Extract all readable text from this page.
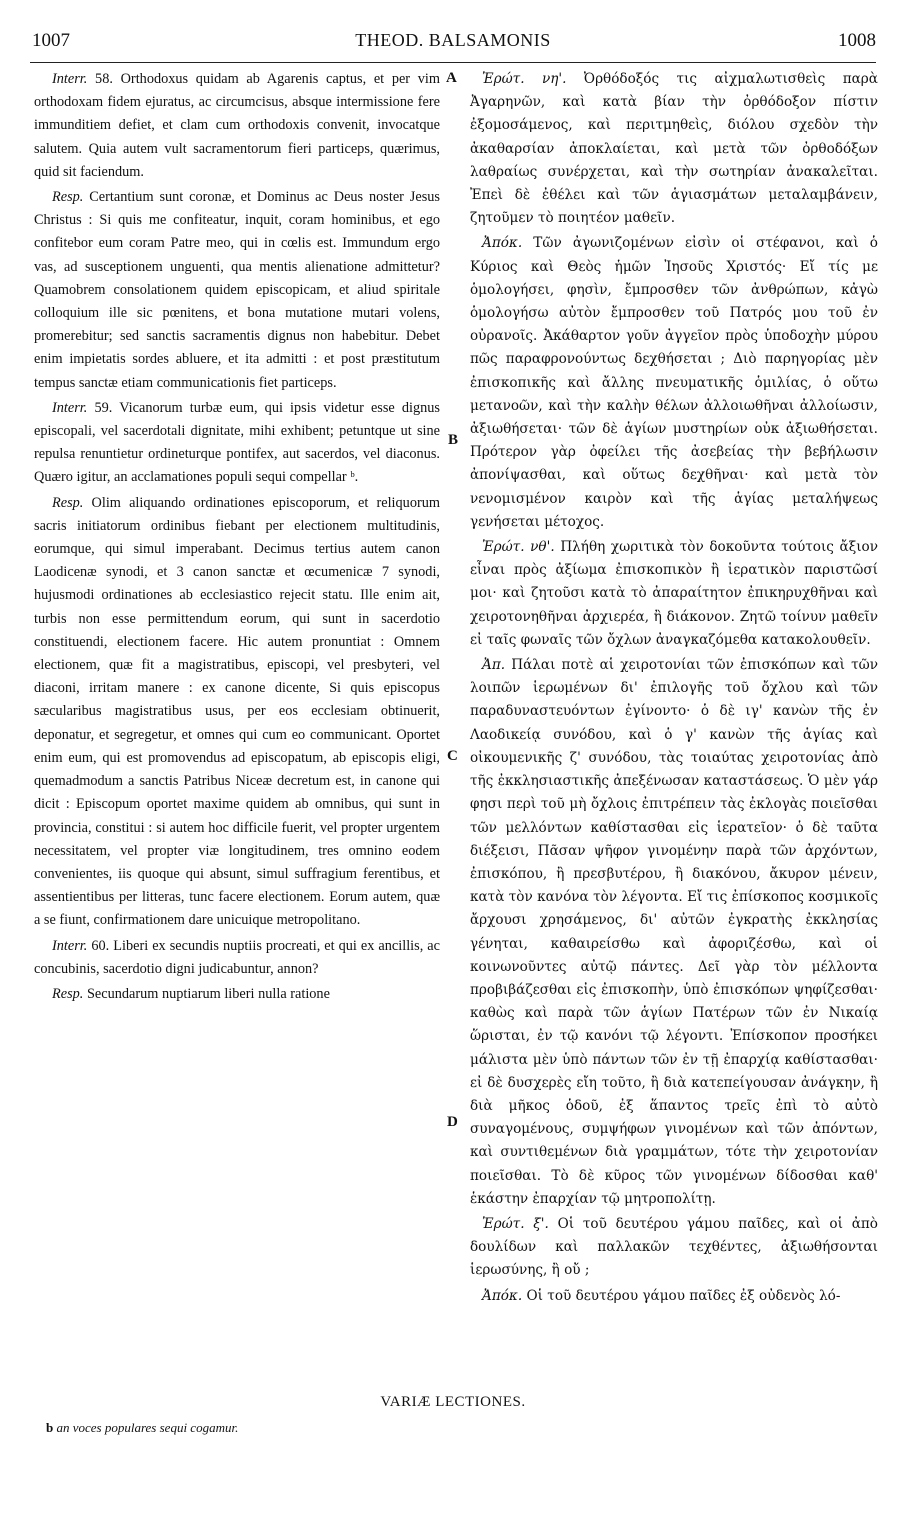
1007	THEOD. BALSAMONIS	1008
A
B
C
D

Interr. 58. Orthodoxus quidam ab Agarenis captus, et per vim orthodoxam fidem ejuratus, ac circumcisus, absque intermissione fere immunditiem defiet, et clam cum orthodoxis convenit, invocatque salutem. Quia autem vult sacramentorum fieri particeps, quærimus, quid sit faciendum.

Resp. Certantium sunt coronæ, et Dominus ac Deus noster Jesus Christus : Si quis me confiteatur, inquit, coram hominibus, et ego confitebor eum coram Patre meo, qui in cœlis est. Immundum ergo vas, ad susceptionem unguenti, qua mentis alienatione admittetur? Quamobrem consolationem quidem episcopicam, et aliud spiritale colloquium ille sic pœnitens, et bona mutatione mutari volens, promerebitur; sed sanctis sacramentis dignus non habebitur. Debet enim impietatis sordes abluere, et ita admitti : et post præstitutum tempus sanctæ etiam communicationis fiet particeps.

Interr. 59. Vicanorum turbæ eum, qui ipsis videtur esse dignus episcopali, vel sacerdotali dignitate, mihi exhibent; petuntque ut sine repulsa renuntietur ordineturque pontifex, aut sacerdos, vel diaconus. Quæro igitur, an acclamationes populi sequi compellar ᵇ.

Resp. Olim aliquando ordinationes episcoporum, et reliquorum sacris initiatorum ordinibus fiebant per electionem multitudinis, eorumque, qui simul imperabant. Decimus tertius autem canon Laodicenæ synodi, et 3 canon sanctæ et œcumenicæ 7 synodi, hujusmodi ordinationes ab ecclesiastico rejecit statu. Ille enim ait, turbis non esse permittendum eorum, qui sunt in sacerdotio constituendi, electionem facere. Hic autem pronuntiat : Omnem electionem, quæ fit a magistratibus, episcopi, vel presbyteri, vel diaconi, irritam manere : ex canone dicente, Si quis episcopus sæcularibus magistratibus usus, per eos ecclesiam obtinuerit, deponatur, et segregetur, et omnes qui cum eo communicant. Oportet enim eum, qui est promovendus ad episcopatum, ab episcopis eligi, quemadmodum a sanctis Patribus Niceæ decretum est, in canone qui dicit : Episcopum oportet maxime quidem ab omnibus, qui sunt in provincia, constitui : si autem hoc difficile fuerit, vel propter urgentem necessitatem, vel propter viæ longitudinem, tres omnino eodem convenientes, iis quoque qui absunt, simul suffragium ferentibus, et assentientibus per litteras, tunc facere electionem. Eorum autem, quæ a se fiunt, confirmationem dare unicuique metropolitano.

Interr. 60. Liberi ex secundis nuptiis procreati, et qui ex ancillis, ac concubinis, sacerdotio digni judicabuntur, annon?

Resp. Secundarum nuptiarum liberi nulla ratione

Ἐρώτ. νη'. Ὀρθόδοξός τις αἰχμαλωτισθεὶς παρὰ Ἀγαρηνῶν, καὶ κατὰ βίαν τὴν ὀρθόδοξον πίστιν ἐξομοσάμενος, καὶ περιτμηθεὶς, διόλου σχεδὸν τὴν ἀκαθαρσίαν ἀποκλαίεται, καὶ μετὰ τῶν ὀρθοδόξων λαθραίως συνέρχεται, καὶ τὴν σωτηρίαν ἀνακαλεῖται. Ἐπεὶ δὲ ἐθέλει καὶ τῶν ἁγιασμάτων μεταλαμβάνειν, ζητοῦμεν τὸ ποιητέον μαθεῖν.

Ἀπόκ. Τῶν ἀγωνιζομένων εἰσὶν οἱ στέφανοι, καὶ ὁ Κύριος καὶ Θεὸς ἡμῶν Ἰησοῦς Χριστός· Εἴ τίς με ὁμολογήσει, φησὶν, ἔμπροσθεν τῶν ἀνθρώπων, κἀγὼ ὁμολογήσω αὐτὸν ἔμπροσθεν τοῦ Πατρός μου τοῦ ἐν οὐρανοῖς. Ἀκάθαρτον γοῦν ἀγγεῖον πρὸς ὑποδοχὴν μύρου πῶς παραφρονούντως δεχθήσεται ; Διὸ παρηγορίας μὲν ἐπισκοπικῆς καὶ ἄλλης πνευματικῆς ὁμιλίας, ὁ οὕτω μετανοῶν, καὶ τὴν καλὴν θέλων ἀλλοιωθῆναι ἀλλοίωσιν, ἀξιωθήσεται· τῶν δὲ ἁγίων μυστηρίων οὐκ ἀξιωθήσεται. Πρότερον γὰρ ὀφείλει τῆς ἀσεβείας τὴν βεβήλωσιν ἀπονίψασθαι, καὶ οὕτως δεχθῆναι· καὶ μετὰ τὸν νενομισμένον καιρὸν καὶ τῆς ἁγίας μεταλήψεως γενήσεται μέτοχος.

Ἐρώτ. νθ'. Πλήθη χωριτικὰ τὸν δοκοῦντα τούτοις ἄξιον εἶναι πρὸς ἀξίωμα ἐπισκοπικὸν ἢ ἱερατικὸν παριστῶσί μοι· καὶ ζητοῦσι κατὰ τὸ ἀπαραίτητον ἐπικηρυχθῆναι καὶ χειροτονηθῆναι ἀρχιερέα, ἢ διάκονον. Ζητῶ τοίνυν μαθεῖν εἰ ταῖς φωναῖς τῶν ὄχλων ἀναγκαζόμεθα κατακολουθεῖν.

Ἀπ. Πάλαι ποτὲ αἱ χειροτονίαι τῶν ἐπισκόπων καὶ τῶν λοιπῶν ἱερωμένων δι' ἐπιλογῆς τοῦ ὄχλου καὶ τῶν παραδυναστευόντων ἐγίνοντο· ὁ δὲ ιγ' κανὼν τῆς ἐν Λαοδικείᾳ συνόδου, καὶ ὁ γ' κανὼν τῆς ἁγίας καὶ οἰκουμενικῆς ζ' συνόδου, τὰς τοιαύτας χειροτονίας ἀπὸ τῆς ἐκκλησιαστικῆς ἀπεξένωσαν καταστάσεως. Ὁ μὲν γάρ φησι περὶ τοῦ μὴ ὄχλοις ἐπιτρέπειν τὰς ἐκλογὰς ποιεῖσθαι τῶν μελλόντων καθίστασθαι εἰς ἱερατεῖον· ὁ δὲ ταῦτα διέξεισι, Πᾶσαν ψῆφον γινομένην παρὰ τῶν ἀρχόντων, ἐπισκόπου, ἢ πρεσβυτέρου, ἢ διακόνου, ἄκυρον μένειν, κατὰ τὸν κανόνα τὸν λέγοντα. Εἴ τις ἐπίσκοπος κοσμικοῖς ἄρχουσι χρησάμενος, δι' αὐτῶν ἐγκρατὴς ἐκκλησίας γένηται, καθαιρείσθω καὶ ἀφοριζέσθω, καὶ οἱ κοινωνοῦντες αὐτῷ πάντες. Δεῖ γὰρ τὸν μέλλοντα προβιβάζεσθαι εἰς ἐπισκοπὴν, ὑπὸ ἐπισκόπων ψηφίζεσθαι· καθὼς καὶ παρὰ τῶν ἁγίων Πατέρων τῶν ἐν Νικαίᾳ ὥρισται, ἐν τῷ κανόνι τῷ λέγοντι. Ἐπίσκοπον προσήκει μάλιστα μὲν ὑπὸ πάντων τῶν ἐν τῇ ἐπαρχίᾳ καθίστασθαι· εἰ δὲ δυσχερὲς εἴη τοῦτο, ἢ διὰ κατεπείγουσαν ἀνάγκην, ἢ διὰ μῆκος ὁδοῦ, ἐξ ἅπαντος τρεῖς ἐπὶ τὸ αὐτὸ συναγομένους, συμψήφων γινομένων καὶ τῶν ἀπόντων, καὶ συντιθεμένων διὰ γραμμάτων, τότε τὴν χειροτονίαν ποιεῖσθαι. Τὸ δὲ κῦρος τῶν γινομένων δίδοσθαι καθ' ἑκάστην ἐπαρχίαν τῷ μητροπολίτῃ.

Ἐρώτ. ξ'. Οἱ τοῦ δευτέρου γάμου παῖδες, καὶ οἱ ἀπὸ δουλίδων καὶ παλλακῶν τεχθέντες, ἀξιωθήσονται ἱερωσύνης, ἢ οὔ ;

Ἀπόκ. Οἱ τοῦ δευτέρου γάμου παῖδες ἐξ οὐδενὸς λό-

VARIÆ LECTIONES.
b an voces populares sequi cogamur.
